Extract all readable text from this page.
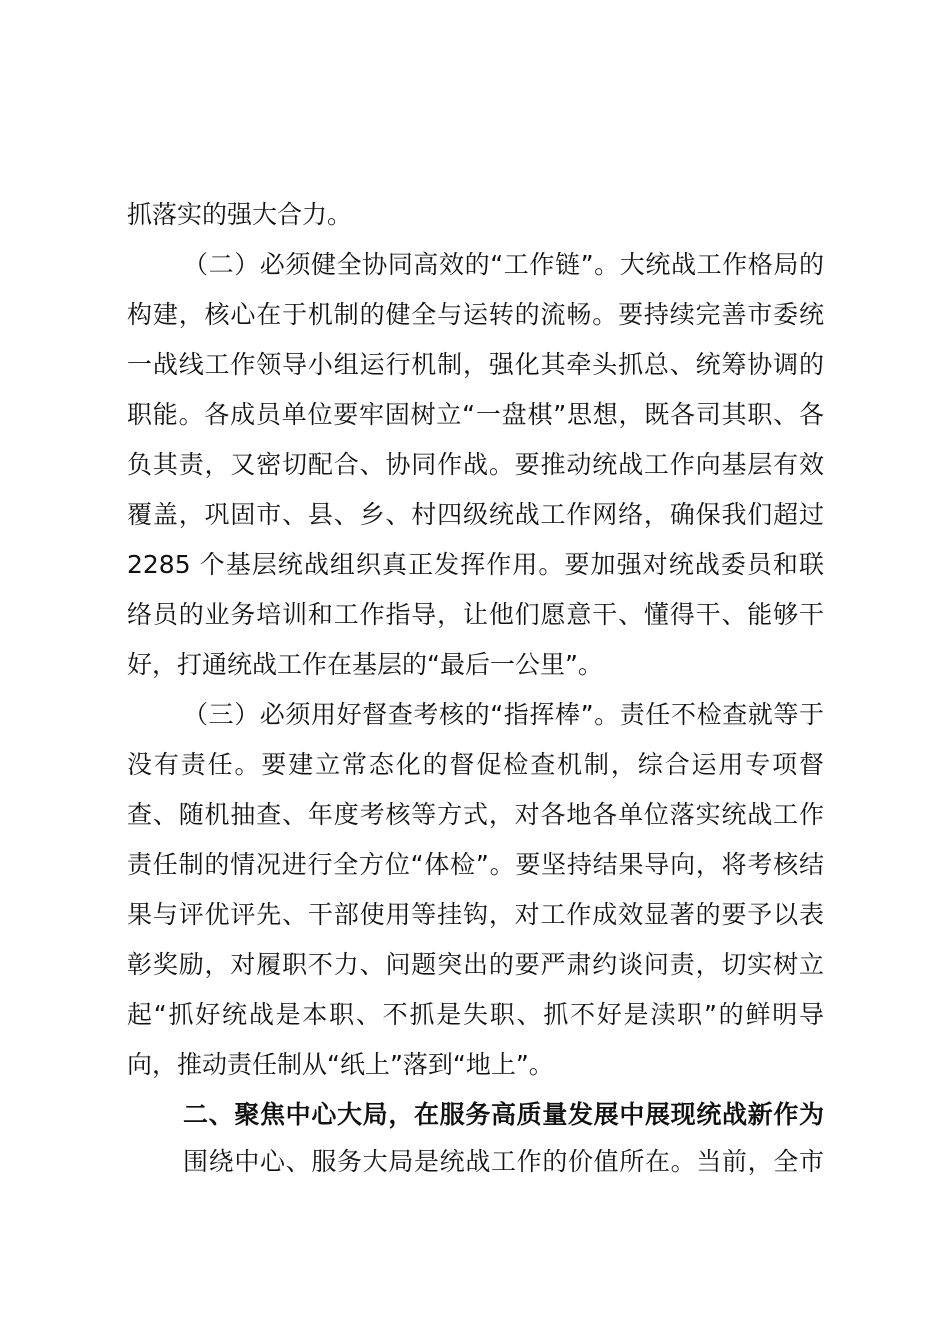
抓落实的强大合力。
（二）必须健全协同高效的“工作链”。大统战工作格局的
构建，核心在于机制的健全与运转的流畅。要持续完善市委统
一战线工作领导小组运行机制，强化其牵头抓总、统筹协调的
职能。各成员单位要牢固树立“一盘棋”思想，既各司其职、各
负其责，又密切配合、协同作战。要推动统战工作向基层有效
覆盖，巩固市、县、乡、村四级统战工作网络，确保我们超过
2285 个基层统战组织真正发挥作用。要加强对统战委员和联
络员的业务培训和工作指导，让他们愿意干、懂得干、能够干
好，打通统战工作在基层的“最后一公里”。
（三）必须用好督查考核的“指挥棒”。责任不检查就等于
没有责任。要建立常态化的督促检查机制，综合运用专项督
查、随机抽查、年度考核等方式，对各地各单位落实统战工作
责任制的情况进行全方位“体检”。要坚持结果导向，将考核结
果与评优评先、干部使用等挂钩，对工作成效显著的要予以表
彰奖励，对履职不力、问题突出的要严肃约谈问责，切实树立
起“抓好统战是本职、不抓是失职、抓不好是渎职”的鲜明导
向，推动责任制从“纸上”落到“地上”。
二、聚焦中心大局，在服务高质量发展中展现统战新作为
围绕中心、服务大局是统战工作的价值所在。当前，全市
